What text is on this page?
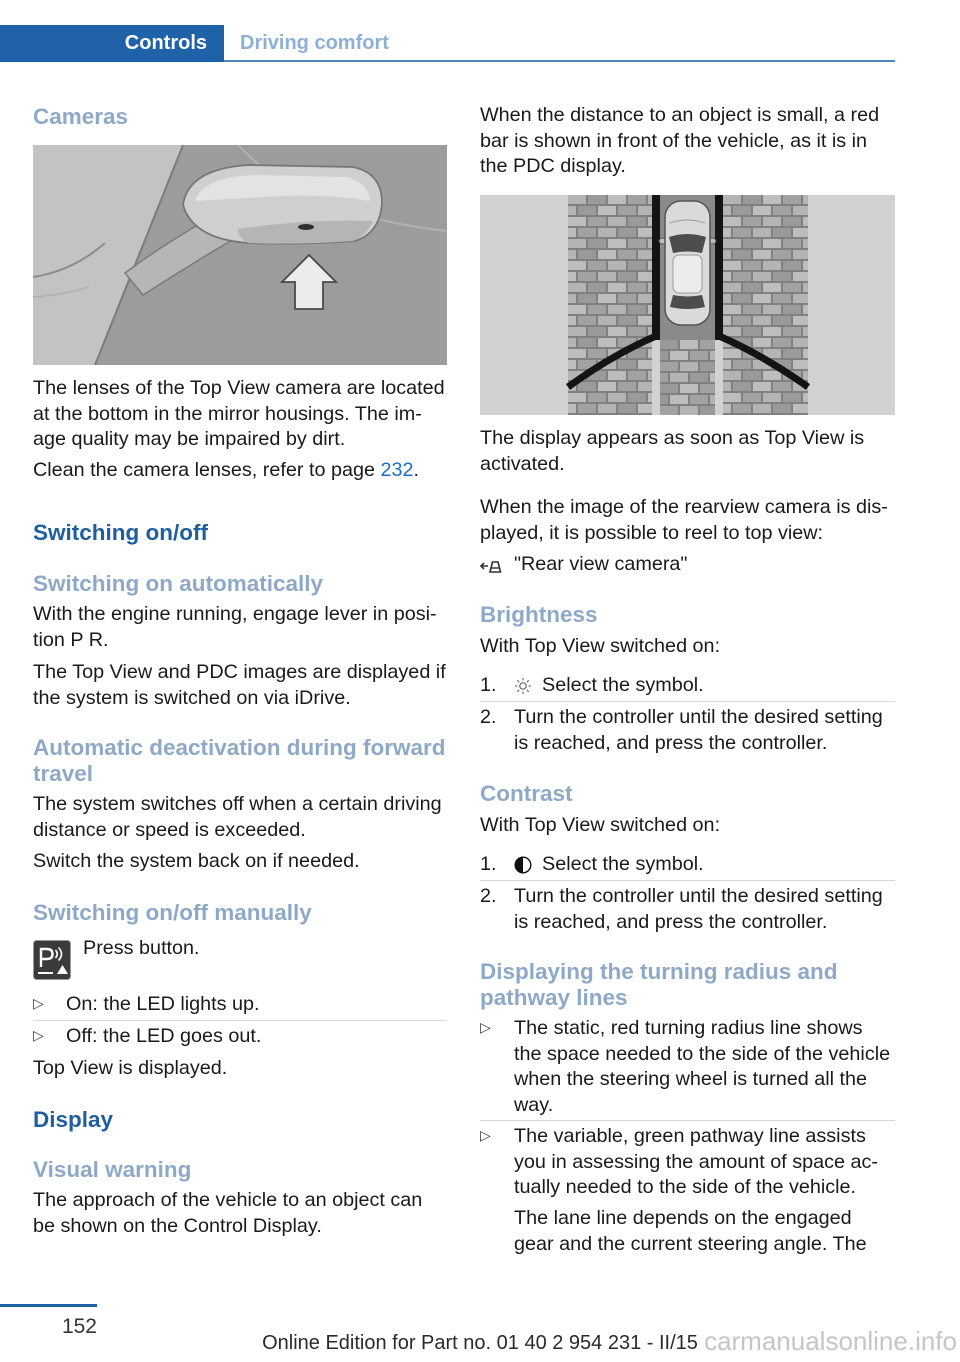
Controls Driving comfort
Cameras
The lenses of the Top View camera are located
at the bottom in the mirror housings. The im-
age quality may be impaired by dirt.
Clean the camera lenses, refer to page 232.
Switching on/off
Switching on automatically
With the engine running, engage lever in posi-
tion P R.
The Top View and PDC images are displayed if
the system is switched on via iDrive.
Automatic deactivation during forward
travel
The system switches off when a certain driving
distance or speed is exceeded.
Switch the system back on if needed.
Switching on/off manually
Press button.
▷ On: the LED lights up.
▷ Off: the LED goes out.
Top View is displayed.
Display
Visual warning
The approach of the vehicle to an object can
be shown on the Control Display.
When the distance to an object is small, a red
bar is shown in front of the vehicle, as it is in
the PDC display.
The display appears as soon as Top View is
activated.
When the image of the rearview camera is dis-
played, it is possible to reel to top view:
"Rear view camera"
Brightness
With Top View switched on:
1. Select the symbol.
2. Turn the controller until the desired setting
is reached, and press the controller.
Contrast
With Top View switched on:
1. Select the symbol.
2. Turn the controller until the desired setting
is reached, and press the controller.
Displaying the turning radius and
pathway lines
▷ The static, red turning radius line shows
the space needed to the side of the vehicle
when the steering wheel is turned all the
way.
▷ The variable, green pathway line assists
you in assessing the amount of space ac-
tually needed to the side of the vehicle.
The lane line depends on the engaged
gear and the current steering angle. The
152
Online Edition for Part no. 01 40 2 954 231 - II/15 carmanualsonline.info
